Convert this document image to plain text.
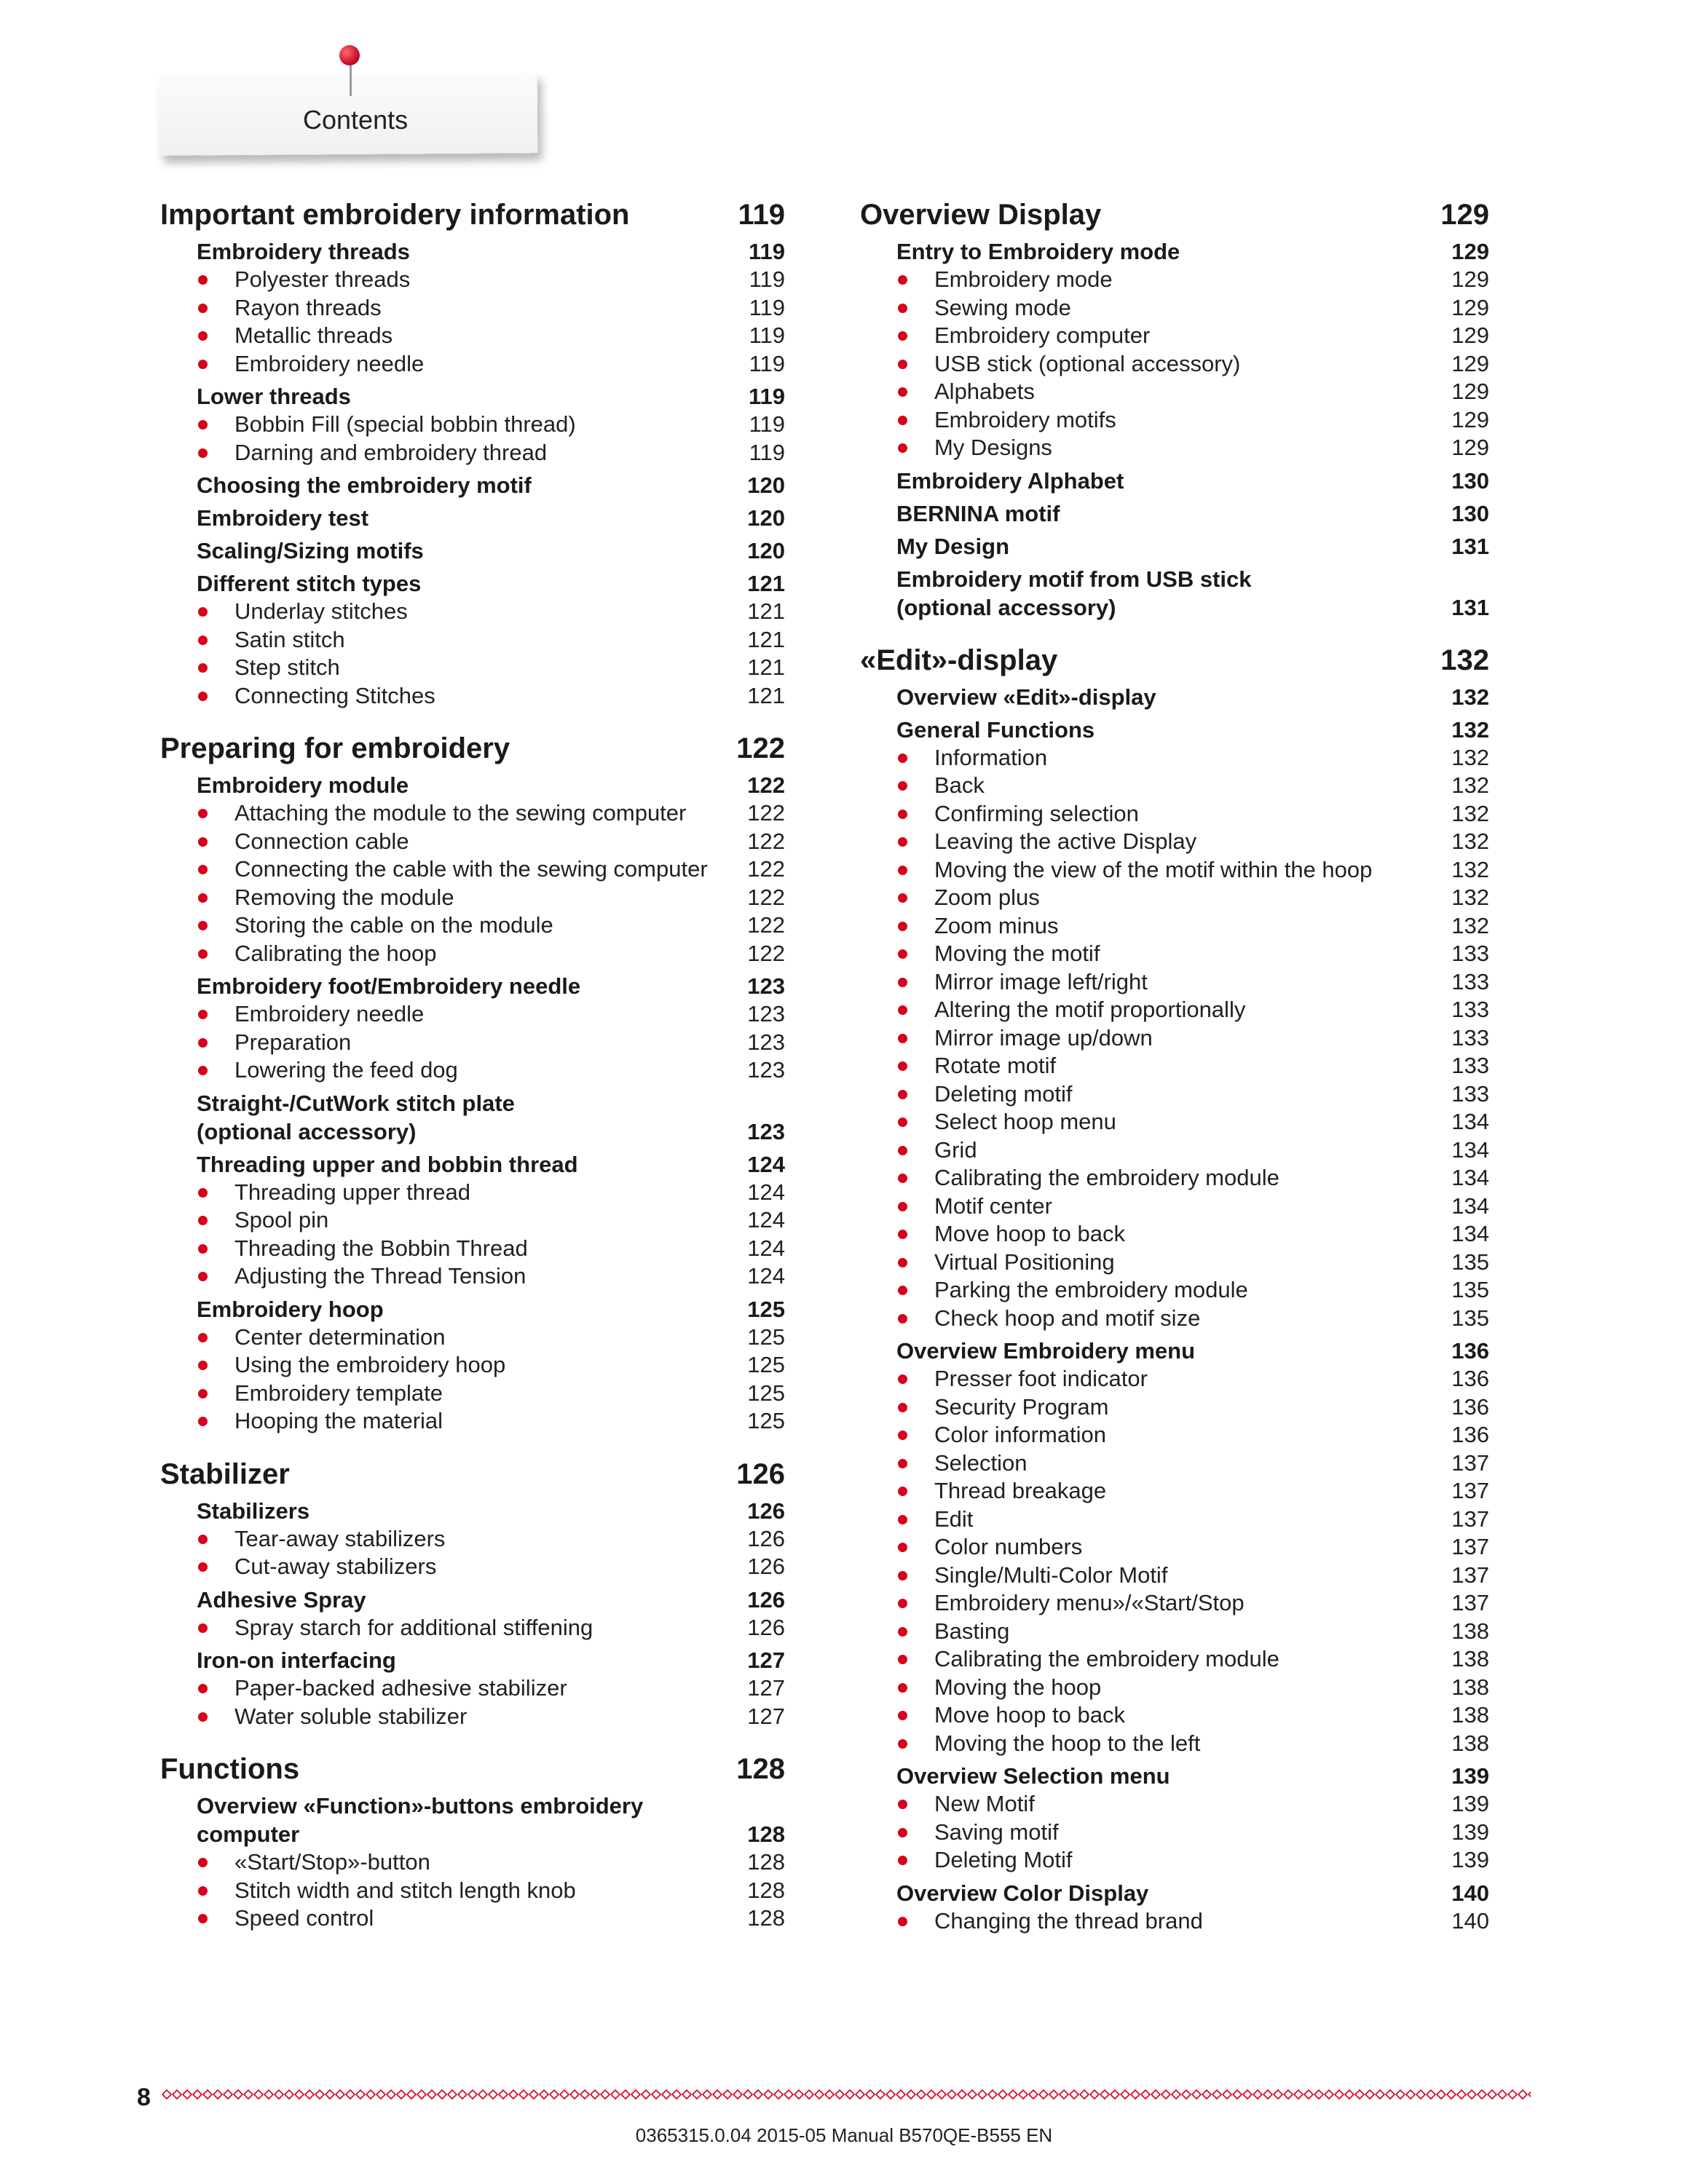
Contents
Important embroidery information	119
Embroidery threads	119
Polyester threads	119
Rayon threads	119
Metallic threads	119
Embroidery needle	119
Lower threads	119
Bobbin Fill (special bobbin thread)	119
Darning and embroidery thread	119
Choosing the embroidery motif	120
Embroidery test	120
Scaling/Sizing motifs	120
Different stitch types	121
Underlay stitches	121
Satin stitch	121
Step stitch	121
Connecting Stitches	121
Preparing for embroidery	122
Embroidery module	122
Attaching the module to the sewing computer	122
Connection cable	122
Connecting the cable with the sewing computer 122
Removing the module	122
Storing the cable on the module	122
Calibrating the hoop	122
Embroidery foot/Embroidery needle	123
Embroidery needle	123
Preparation	123
Lowering the feed dog	123
Straight-/CutWork stitch plate
(optional accessory)	123
Threading upper and bobbin thread	124
Threading upper thread	124
Spool pin	124
Threading the Bobbin Thread	124
Adjusting the Thread Tension	124
Embroidery hoop	125
Center determination	125
Using the embroidery hoop	125
Embroidery template	125
Hooping the material	125
Stabilizer	126
Stabilizers	126
Tear-away stabilizers	126
Cut-away stabilizers	126
Adhesive Spray	126
Spray starch for additional stiffening	126
Iron-on interfacing	127
Paper-backed adhesive stabilizer	127
Water soluble stabilizer	127
Functions	128
Overview «Function»-buttons embroidery
computer	128
«Start/Stop»-button	128
Stitch width and stitch length knob	128
Speed control	128
Overview Display	129
Entry to Embroidery mode	129
Embroidery mode	129
Sewing mode	129
Embroidery computer	129
USB stick (optional accessory)	129
Alphabets	129
Embroidery motifs	129
My Designs	129
Embroidery Alphabet	130
BERNINA motif	130
My Design	131
Embroidery motif from USB stick
(optional accessory)	131
«Edit»-display	132
Overview «Edit»-display	132
General Functions	132
Information	132
Back	132
Confirming selection	132
Leaving the active Display	132
Moving the view of the motif within the hoop	132
Zoom plus	132
Zoom minus	132
Moving the motif	133
Mirror image left/right	133
Altering the motif proportionally	133
Mirror image up/down	133
Rotate motif	133
Deleting motif	133
Select hoop menu	134
Grid	134
Calibrating the embroidery module	134
Motif center	134
Move hoop to back	134
Virtual Positioning	135
Parking the embroidery module	135
Check hoop and motif size	135
Overview Embroidery menu	136
Presser foot indicator	136
Security Program	136
Color information	136
Selection	137
Thread breakage	137
Edit	137
Color numbers	137
Single/Multi-Color Motif	137
Embroidery menu»/«Start/Stop	137
Basting	138
Calibrating the embroidery module	138
Moving the hoop	138
Move hoop to back	138
Moving the hoop to the left	138
Overview Selection menu	139
New Motif	139
Saving motif	139
Deleting Motif	139
Overview Color Display	140
Changing the thread brand	140
8
0365315.0.04 2015-05 Manual B570QE-B555 EN
